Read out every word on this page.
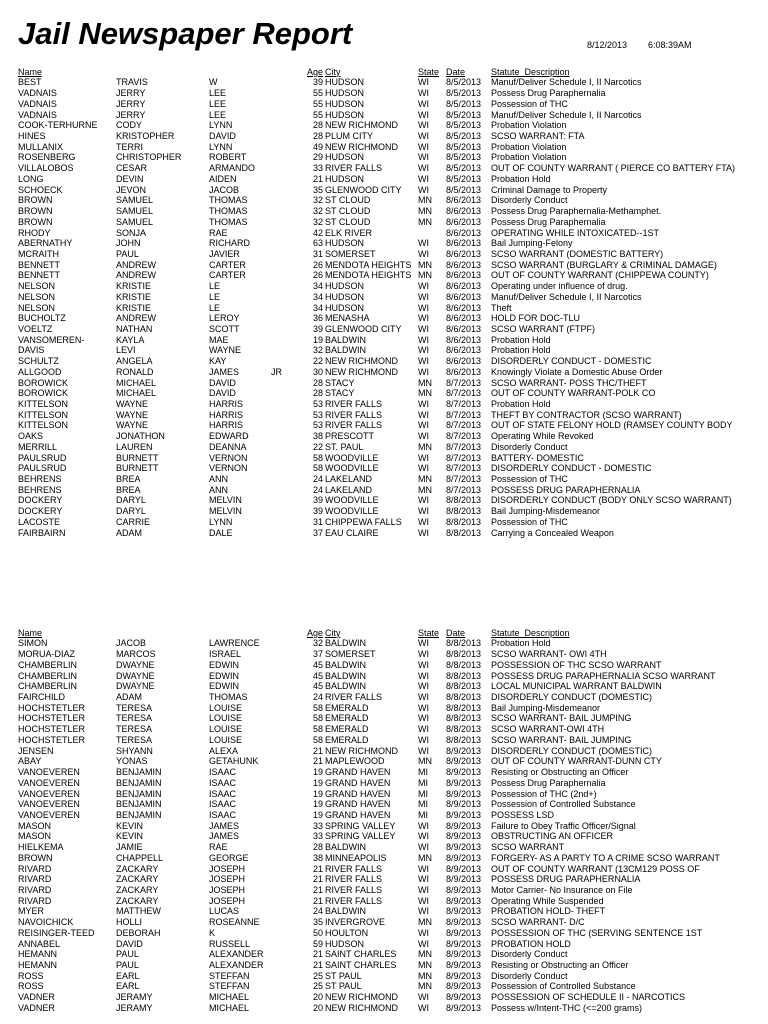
Jail Newspaper Report	8/12/2013 6:08:39AM
Name				Age	City	State	Date	Statute_Description
BEST	TRAVIS	W		39	HUDSON	WI	8/5/2013	Manuf/Deliver Schedule I, II Narcotics
VADNAIS	JERRY	LEE		55	HUDSON	WI	8/5/2013	Possess Drug Paraphernalia
VADNAIS	JERRY	LEE		55	HUDSON	WI	8/5/2013	Possession of THC
VADNAIS	JERRY	LEE		55	HUDSON	WI	8/5/2013	Manuf/Deliver Schedule I, II Narcotics
COOK-TERHURNE	CODY	LYNN		28	NEW RICHMOND	WI	8/5/2013	Probation Violation
HINES	KRISTOPHER	DAVID		28	PLUM CITY	WI	8/5/2013	SCSO WARRANT: FTA
MULLANIX	TERRI	LYNN		49	NEW RICHMOND	WI	8/5/2013	Probation Violation
ROSENBERG	CHRISTOPHER	ROBERT		29	HUDSON	WI	8/5/2013	Probation Violation
VILLALOBOS	CESAR	ARMANDO		33	RIVER FALLS	WI	8/5/2013	OUT OF COUNTY WARRANT ( PIERCE CO BATTERY FTA)
LONG	DEVIN	AIDEN		21	HUDSON	WI	8/5/2013	Probation Hold
SCHOECK	JEVON	JACOB		35	GLENWOOD CITY	WI	8/5/2013	Criminal Damage to Property
BROWN	SAMUEL	THOMAS		32	ST CLOUD	MN	8/6/2013	Disorderly Conduct
BROWN	SAMUEL	THOMAS		32	ST CLOUD	MN	8/6/2013	Possess Drug Paraphernalia-Methamphet.
BROWN	SAMUEL	THOMAS		32	ST CLOUD	MN	8/6/2013	Possess Drug Paraphernalia
RHODY	SONJA	RAE		42	ELK RIVER		8/6/2013	OPERATING WHILE INTOXICATED--1ST
ABERNATHY	JOHN	RICHARD		63	HUDSON	WI	8/6/2013	Bail Jumping-Felony
MCRAITH	PAUL	JAVIER		31	SOMERSET	WI	8/6/2013	SCSO WARRANT (DOMESTIC BATTERY)
BENNETT	ANDREW	CARTER		26	MENDOTA HEIGHTS	MN	8/6/2013	SCSO WARRANT (BURGLARY & CRIMINAL DAMAGE)
BENNETT	ANDREW	CARTER		26	MENDOTA HEIGHTS	MN	8/6/2013	OUT OF COUNTY WARRANT (CHIPPEWA COUNTY)
NELSON	KRISTIE	LE		34	HUDSON	WI	8/6/2013	Operating under influence of drug.
NELSON	KRISTIE	LE		34	HUDSON	WI	8/6/2013	Manuf/Deliver Schedule I, II Narcotics
NELSON	KRISTIE	LE		34	HUDSON	WI	8/6/2013	Theft
BUCHOLTZ	ANDREW	LEROY		36	MENASHA	WI	8/6/2013	HOLD FOR DOC-TLU
VOELTZ	NATHAN	SCOTT		39	GLENWOOD CITY	WI	8/6/2013	SCSO WARRANT (FTPF)
VANSOMEREN-	KAYLA	MAE		19	BALDWIN	WI	8/6/2013	Probation Hold
DAVIS	LEVI	WAYNE		32	BALDWIN	WI	8/6/2013	Probation Hold
SCHULTZ	ANGELA	KAY		22	NEW RICHMOND	WI	8/6/2013	DISORDERLY CONDUCT - DOMESTIC
ALLGOOD	RONALD	JAMES	JR	30	NEW RICHMOND	WI	8/6/2013	Knowingly Violate a Domestic Abuse Order
BOROWICK	MICHAEL	DAVID		28	STACY	MN	8/7/2013	SCSO WARRANT- POSS THC/THEFT
BOROWICK	MICHAEL	DAVID		28	STACY	MN	8/7/2013	OUT OF COUNTY WARRANT-POLK CO
KITTELSON	WAYNE	HARRIS		53	RIVER FALLS	WI	8/7/2013	Probation Hold
KITTELSON	WAYNE	HARRIS		53	RIVER FALLS	WI	8/7/2013	THEFT BY CONTRACTOR (SCSO WARRANT)
KITTELSON	WAYNE	HARRIS		53	RIVER FALLS	WI	8/7/2013	OUT OF STATE FELONY HOLD (RAMSEY COUNTY BODY
OAKS	JONATHON	EDWARD		38	PRESCOTT	WI	8/7/2013	Operating While Revoked
MERRILL	LAUREN	DEANNA		22	ST. PAUL	MN	8/7/2013	Disorderly Conduct
PAULSRUD	BURNETT	VERNON		58	WOODVILLE	WI	8/7/2013	BATTERY- DOMESTIC
PAULSRUD	BURNETT	VERNON		58	WOODVILLE	WI	8/7/2013	DISORDERLY CONDUCT - DOMESTIC
BEHRENS	BREA	ANN		24	LAKELAND	MN	8/7/2013	Possession of THC
BEHRENS	BREA	ANN		24	LAKELAND	MN	8/7/2013	POSSESS DRUG PARAPHERNALIA
DOCKERY	DARYL	MELVIN		39	WOODVILLE	WI	8/8/2013	DISORDERLY CONDUCT (BODY ONLY SCSO WARRANT)
DOCKERY	DARYL	MELVIN		39	WOODVILLE	WI	8/8/2013	Bail Jumping-Misdemeanor
LACOSTE	CARRIE	LYNN		31	CHIPPEWA FALLS	WI	8/8/2013	Possession of THC
FAIRBAIRN	ADAM	DALE		37	EAU CLAIRE	WI	8/8/2013	Carrying a Concealed Weapon
Name				Age	City	State	Date	Statute_Description
SIMON	JACOB	LAWRENCE		32	BALDWIN	WI	8/8/2013	Probation Hold
MORUA-DIAZ	MARCOS	ISRAEL		37	SOMERSET	WI	8/8/2013	SCSO WARRANT- OWI 4TH
CHAMBERLIN	DWAYNE	EDWIN		45	BALDWIN	WI	8/8/2013	POSSESSION OF THC SCSO WARRANT
CHAMBERLIN	DWAYNE	EDWIN		45	BALDWIN	WI	8/8/2013	POSSESS DRUG PARAPHERNALIA SCSO WARRANT
CHAMBERLIN	DWAYNE	EDWIN		45	BALDWIN	WI	8/8/2013	LOCAL MUNICIPAL WARRANT BALDWIN
FAIRCHILD	ADAM	THOMAS		24	RIVER FALLS	WI	8/8/2013	DISORDERLY CONDUCT (DOMESTIC)
HOCHSTETLER	TERESA	LOUISE		58	EMERALD	WI	8/8/2013	Bail Jumping-Misdemeanor
HOCHSTETLER	TERESA	LOUISE		58	EMERALD	WI	8/8/2013	SCSO WARRANT- BAIL JUMPING
HOCHSTETLER	TERESA	LOUISE		58	EMERALD	WI	8/8/2013	SCSO WARRANT-OWI 4TH
HOCHSTETLER	TERESA	LOUISE		58	EMERALD	WI	8/8/2013	SCSO WARRANT- BAIL JUMPING
JENSEN	SHYANN	ALEXA		21	NEW RICHMOND	WI	8/9/2013	DISORDERLY CONDUCT (DOMESTIC)
ABAY	YONAS	GETAHUNK		21	MAPLEWOOD	MN	8/9/2013	OUT OF COUNTY WARRANT-DUNN CTY
VANOEVEREN	BENJAMIN	ISAAC		19	GRAND HAVEN	MI	8/9/2013	Resisting or Obstructing an Officer
VANOEVEREN	BENJAMIN	ISAAC		19	GRAND HAVEN	MI	8/9/2013	Possess Drug Paraphernalia
VANOEVEREN	BENJAMIN	ISAAC		19	GRAND HAVEN	MI	8/9/2013	Possession of THC (2nd+)
VANOEVEREN	BENJAMIN	ISAAC		19	GRAND HAVEN	MI	8/9/2013	Possession of Controlled Substance
VANOEVEREN	BENJAMIN	ISAAC		19	GRAND HAVEN	MI	8/9/2013	POSSESS LSD
MASON	KEVIN	JAMES		33	SPRING VALLEY	WI	8/9/2013	Failure to Obey Traffic Officer/Signal
MASON	KEVIN	JAMES		33	SPRING VALLEY	WI	8/9/2013	OBSTRUCTING AN OFFICER
HIELKEMA	JAMIE	RAE		28	BALDWIN	WI	8/9/2013	SCSO WARRANT
BROWN	CHAPPELL	GEORGE		38	MINNEAPOLIS	MN	8/9/2013	FORGERY- AS A PARTY TO A CRIME SCSO WARRANT
RIVARD	ZACKARY	JOSEPH		21	RIVER FALLS	WI	8/9/2013	OUT OF COUNTY WARRANT (13CM129 POSS OF
RIVARD	ZACKARY	JOSEPH		21	RIVER FALLS	WI	8/9/2013	POSSESS DRUG PARAPHERNALIA
RIVARD	ZACKARY	JOSEPH		21	RIVER FALLS	WI	8/9/2013	Motor Carrier- No Insurance on File
RIVARD	ZACKARY	JOSEPH		21	RIVER FALLS	WI	8/9/2013	Operating While Suspended
MYER	MATTHEW	LUCAS		24	BALDWIN	WI	8/9/2013	PROBATION HOLD- THEFT
NAVOICHICK	HOLLI	ROSEANNE		35	INVERGROVE	MN	8/9/2013	SCSO WARRANT- D/C
REISINGER-TEED	DEBORAH	K		50	HOULTON	WI	8/9/2013	POSSESSION OF THC (SERVING SENTENCE 1ST
ANNABEL	DAVID	RUSSELL		59	HUDSON	WI	8/9/2013	PROBATION HOLD
HEMANN	PAUL	ALEXANDER		21	SAINT CHARLES	MN	8/9/2013	Disorderly Conduct
HEMANN	PAUL	ALEXANDER		21	SAINT CHARLES	MN	8/9/2013	Resisting or Obstructing an Officer
ROSS	EARL	STEFFAN		25	ST PAUL	MN	8/9/2013	Disorderly Conduct
ROSS	EARL	STEFFAN		25	ST PAUL	MN	8/9/2013	Possession of Controlled Substance
VADNER	JERAMY	MICHAEL		20	NEW RICHMOND	WI	8/9/2013	POSSESSION OF SCHEDULE II - NARCOTICS
VADNER	JERAMY	MICHAEL		20	NEW RICHMOND	WI	8/9/2013	Possess w/Intent-THC (<=200 grams)
